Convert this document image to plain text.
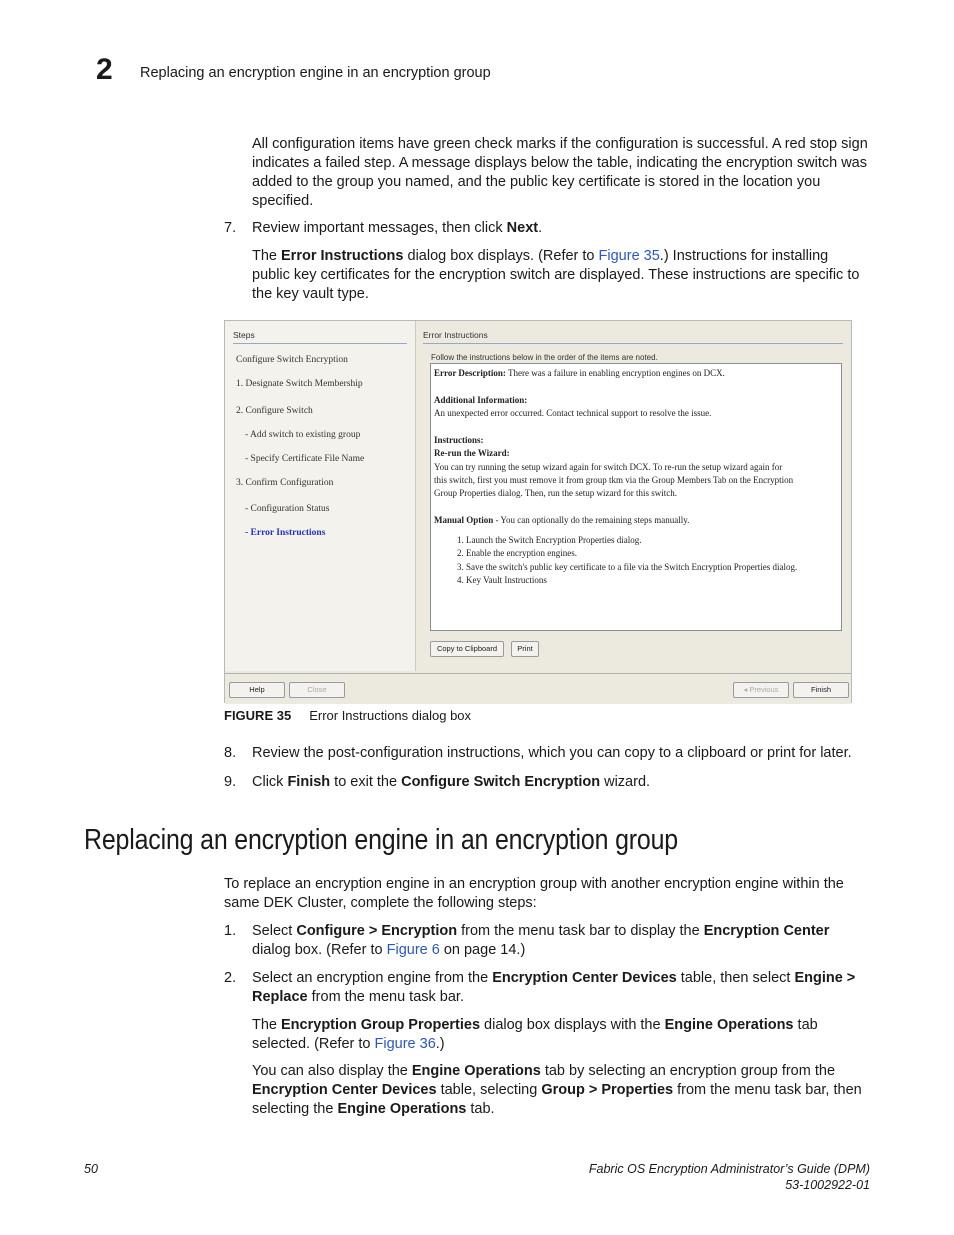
2 Replacing an encryption engine in an encryption group
All configuration items have green check marks if the configuration is successful. A red stop sign indicates a failed step. A message displays below the table, indicating the encryption switch was added to the group you named, and the public key certificate is stored in the location you specified.
7. Review important messages, then click Next.
The Error Instructions dialog box displays. (Refer to Figure 35.) Instructions for installing public key certificates for the encryption switch are displayed. These instructions are specific to the key vault type.
Steps
Configure Switch Encryption
1. Designate Switch Membership
2. Configure Switch
- Add switch to existing group
- Specify Certificate File Name
3. Confirm Configuration
- Configuration Status
- Error Instructions
Error Instructions
Follow the instructions below in the order of the items are noted.
Error Description: There was a failure in enabling encryption engines on DCX.
Additional Information:
An unexpected error occurred. Contact technical support to resolve the issue.
Instructions:
Re-run the Wizard:
You can try running the setup wizard again for switch DCX. To re-run the setup wizard again for
this switch, first you must remove it from group tkm via the Group Members Tab on the Encryption
Group Properties dialog. Then, run the setup wizard for this switch.
Manual Option - You can optionally do the remaining steps manually.
1. Launch the Switch Encryption Properties dialog.
2. Enable the encryption engines.
3. Save the switch's public key certificate to a file via the Switch Encryption Properties dialog.
4. Key Vault Instructions
Copy to Clipboard	Print
Help	Close	◂ Previous	Finish
FIGURE 35 Error Instructions dialog box
8. Review the post-configuration instructions, which you can copy to a clipboard or print for later.
9. Click Finish to exit the Configure Switch Encryption wizard.
Replacing an encryption engine in an encryption group
To replace an encryption engine in an encryption group with another encryption engine within the same DEK Cluster, complete the following steps:
1. Select Configure > Encryption from the menu task bar to display the Encryption Center dialog box. (Refer to Figure 6 on page 14.)
2. Select an encryption engine from the Encryption Center Devices table, then select Engine > Replace from the menu task bar.
The Encryption Group Properties dialog box displays with the Engine Operations tab selected. (Refer to Figure 36.)
You can also display the Engine Operations tab by selecting an encryption group from the Encryption Center Devices table, selecting Group > Properties from the menu task bar, then selecting the Engine Operations tab.
50	Fabric OS Encryption Administrator’s Guide (DPM)
53-1002922-01
